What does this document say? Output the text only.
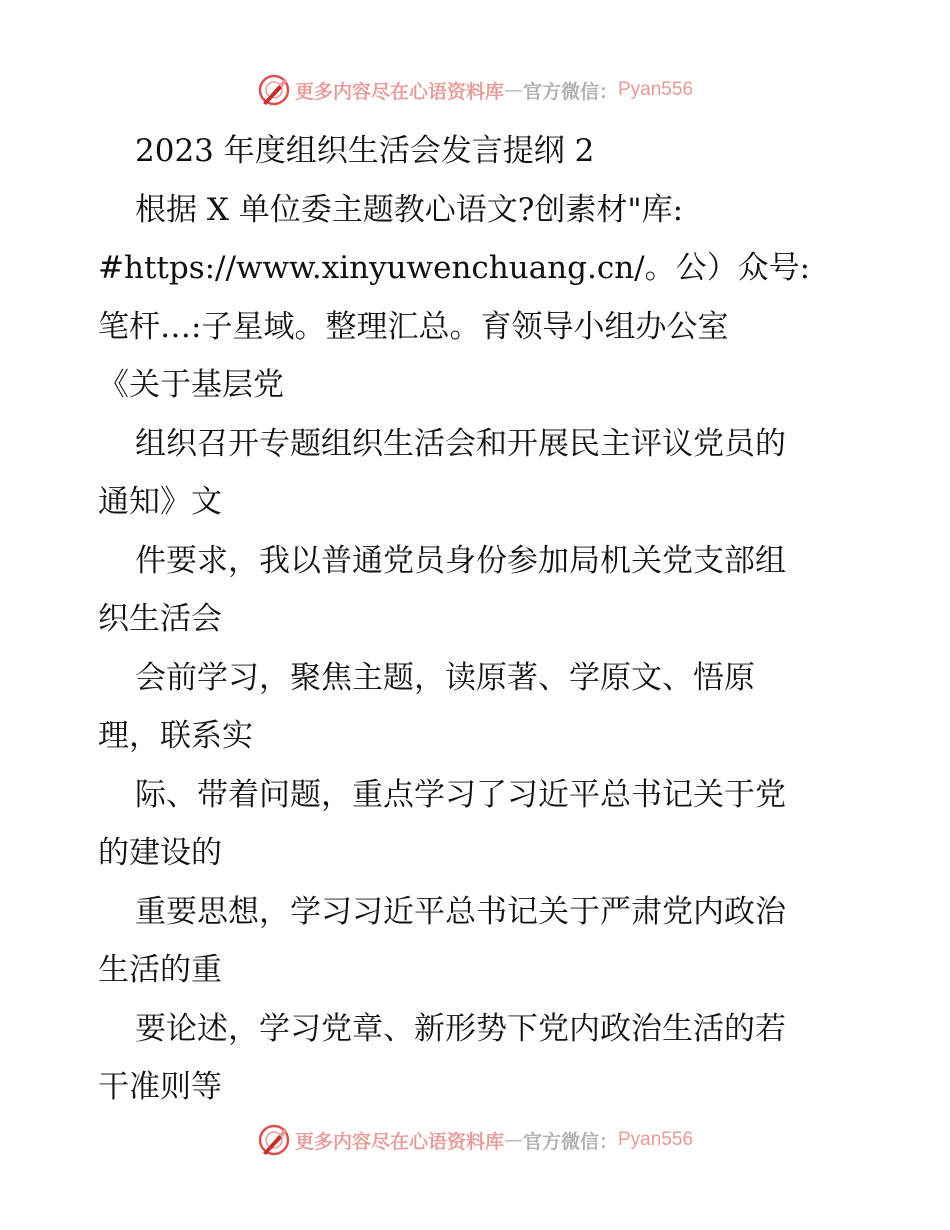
更多内容尽在心语资料库 — 官方微信： Pyan556
2023 年度组织生活会发言提纲 2
根据 X 单位委主题教心语文?创素材"库:
#https://www.xinyuwenchuang.cn/。公）众号:
笔杆…:子星域。整理汇总。育领导小组办公室
《关于基层党
组织召开专题组织生活会和开展民主评议党员的
通知》文
件要求，我以普通党员身份参加局机关党支部组
织生活会
会前学习，聚焦主题，读原著、学原文、悟原
理，联系实
际、带着问题，重点学习了习近平总书记关于党
的建设的
重要思想，学习习近平总书记关于严肃党内政治
生活的重
要论述，学习党章、新形势下党内政治生活的若
干准则等
更多内容尽在心语资料库 — 官方微信： Pyan556
